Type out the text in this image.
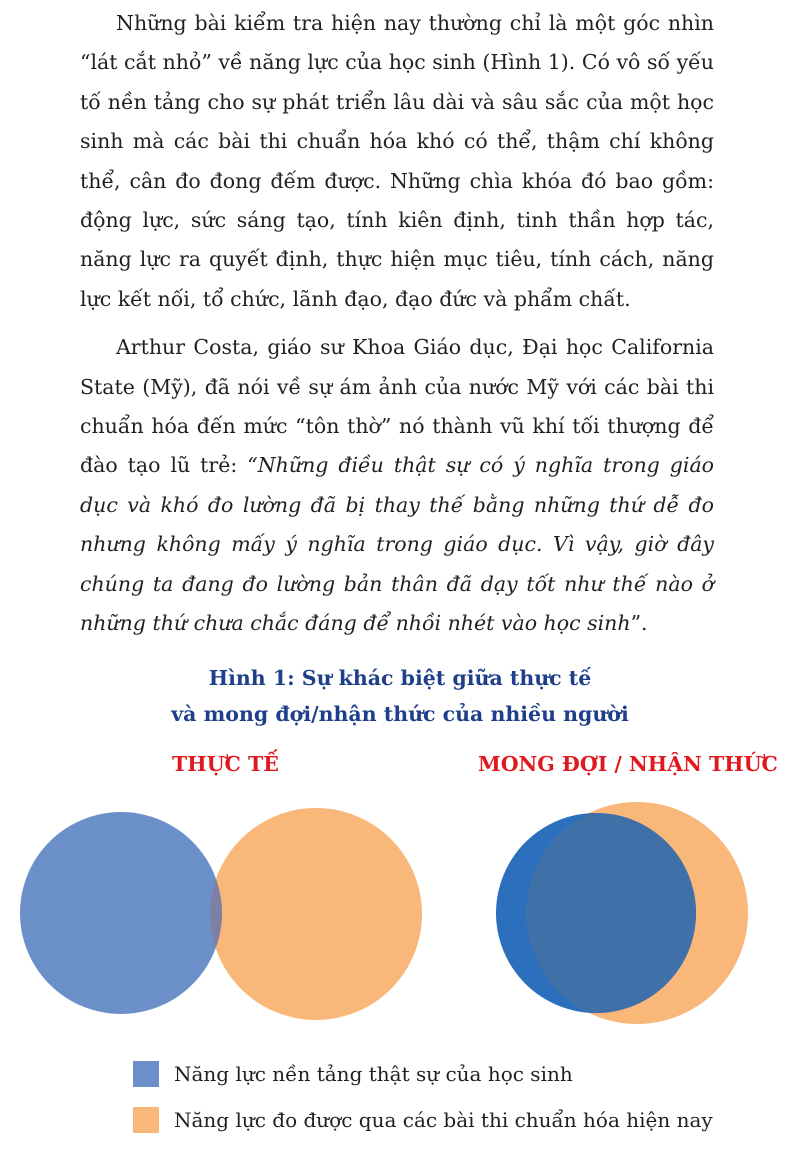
Những bài kiểm tra hiện nay thường chỉ là một góc nhìn “lát cắt nhỏ” về năng lực của học sinh (Hình 1). Có vô số yếu tố nền tảng cho sự phát triển lâu dài và sâu sắc của một học sinh mà các bài thi chuẩn hóa khó có thể, thậm chí không thể, cân đo đong đếm được. Những chìa khóa đó bao gồm: động lực, sức sáng tạo, tính kiên định, tinh thần hợp tác, năng lực ra quyết định, thực hiện mục tiêu, tính cách, năng lực kết nối, tổ chức, lãnh đạo, đạo đức và phẩm chất.

Arthur Costa, giáo sư Khoa Giáo dục, Đại học California State (Mỹ), đã nói về sự ám ảnh của nước Mỹ với các bài thi chuẩn hóa đến mức “tôn thờ” nó thành vũ khí tối thượng để đào tạo lũ trẻ: “Những điều thật sự có ý nghĩa trong giáo dục và khó đo lường đã bị thay thế bằng những thứ dễ đo nhưng không mấy ý nghĩa trong giáo dục. Vì vậy, giờ đây chúng ta đang đo lường bản thân đã dạy tốt như thế nào ở những thứ chưa chắc đáng để nhồi nhét vào học sinh”.

Hình 1: Sự khác biệt giữa thực tế
và mong đợi/nhận thức của nhiều người
THỰC TẾ	MONG ĐỢI / NHẬN THỨC
Năng lực nền tảng thật sự của học sinh
Năng lực đo được qua các bài thi chuẩn hóa hiện nay
